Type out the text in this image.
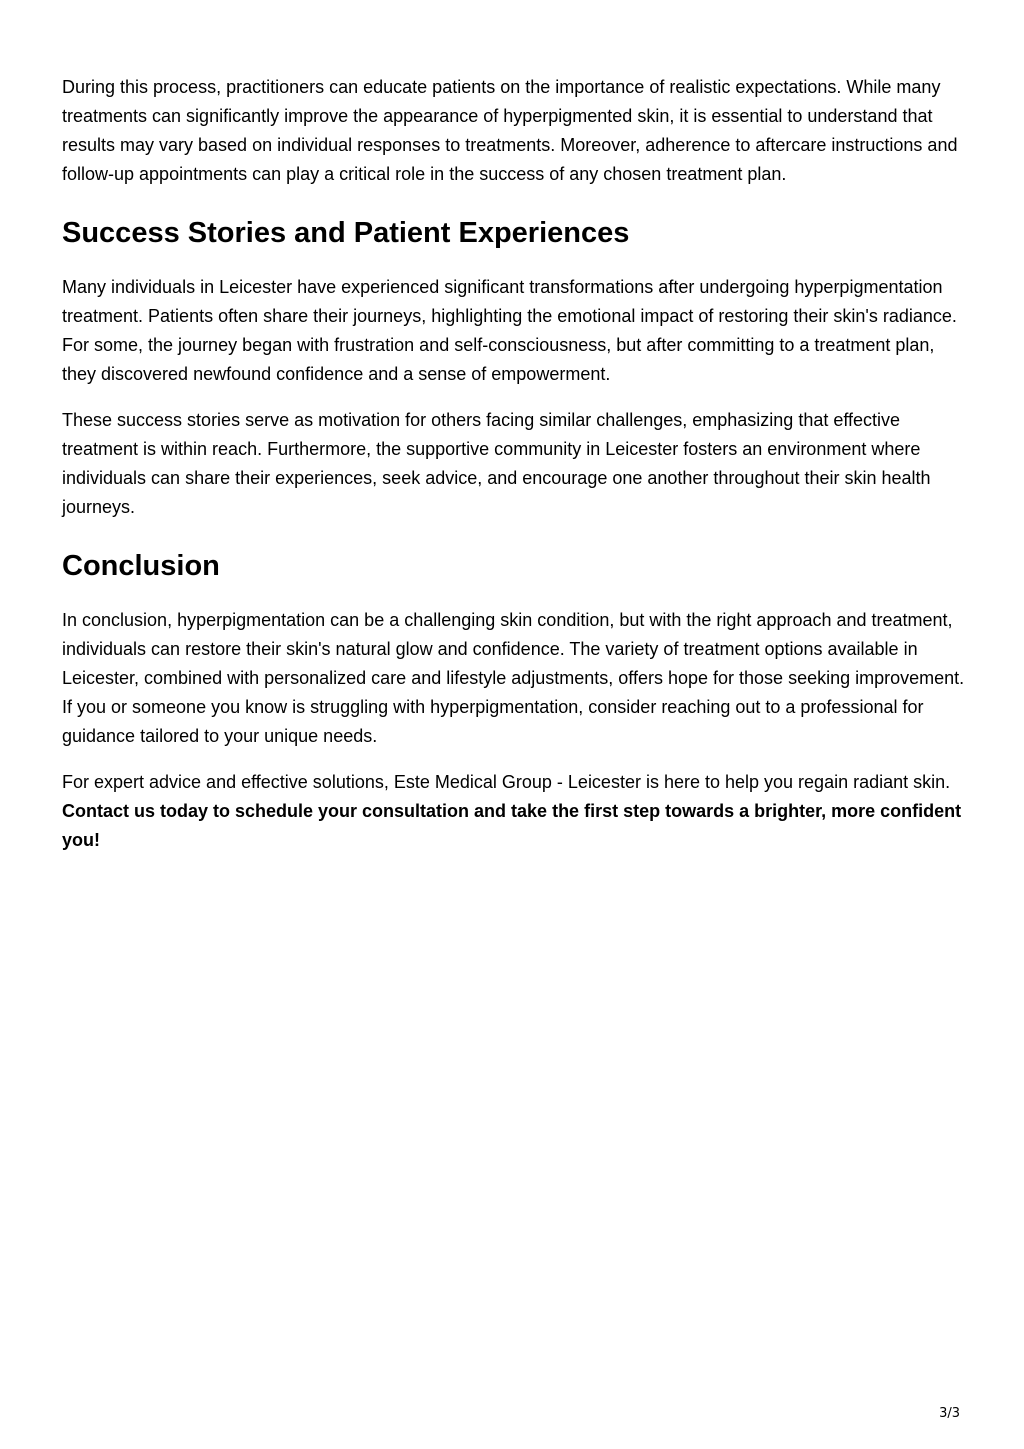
During this process, practitioners can educate patients on the importance of realistic expectations. While many treatments can significantly improve the appearance of hyperpigmented skin, it is essential to understand that results may vary based on individual responses to treatments. Moreover, adherence to aftercare instructions and follow-up appointments can play a critical role in the success of any chosen treatment plan.

Success Stories and Patient Experiences

Many individuals in Leicester have experienced significant transformations after undergoing hyperpigmentation treatment. Patients often share their journeys, highlighting the emotional impact of restoring their skin's radiance. For some, the journey began with frustration and self-consciousness, but after committing to a treatment plan, they discovered newfound confidence and a sense of empowerment.

These success stories serve as motivation for others facing similar challenges, emphasizing that effective treatment is within reach. Furthermore, the supportive community in Leicester fosters an environment where individuals can share their experiences, seek advice, and encourage one another throughout their skin health journeys.

Conclusion

In conclusion, hyperpigmentation can be a challenging skin condition, but with the right approach and treatment, individuals can restore their skin's natural glow and confidence. The variety of treatment options available in Leicester, combined with personalized care and lifestyle adjustments, offers hope for those seeking improvement. If you or someone you know is struggling with hyperpigmentation, consider reaching out to a professional for guidance tailored to your unique needs.

For expert advice and effective solutions, Este Medical Group - Leicester is here to help you regain radiant skin. Contact us today to schedule your consultation and take the first step towards a brighter, more confident you!

3/3
